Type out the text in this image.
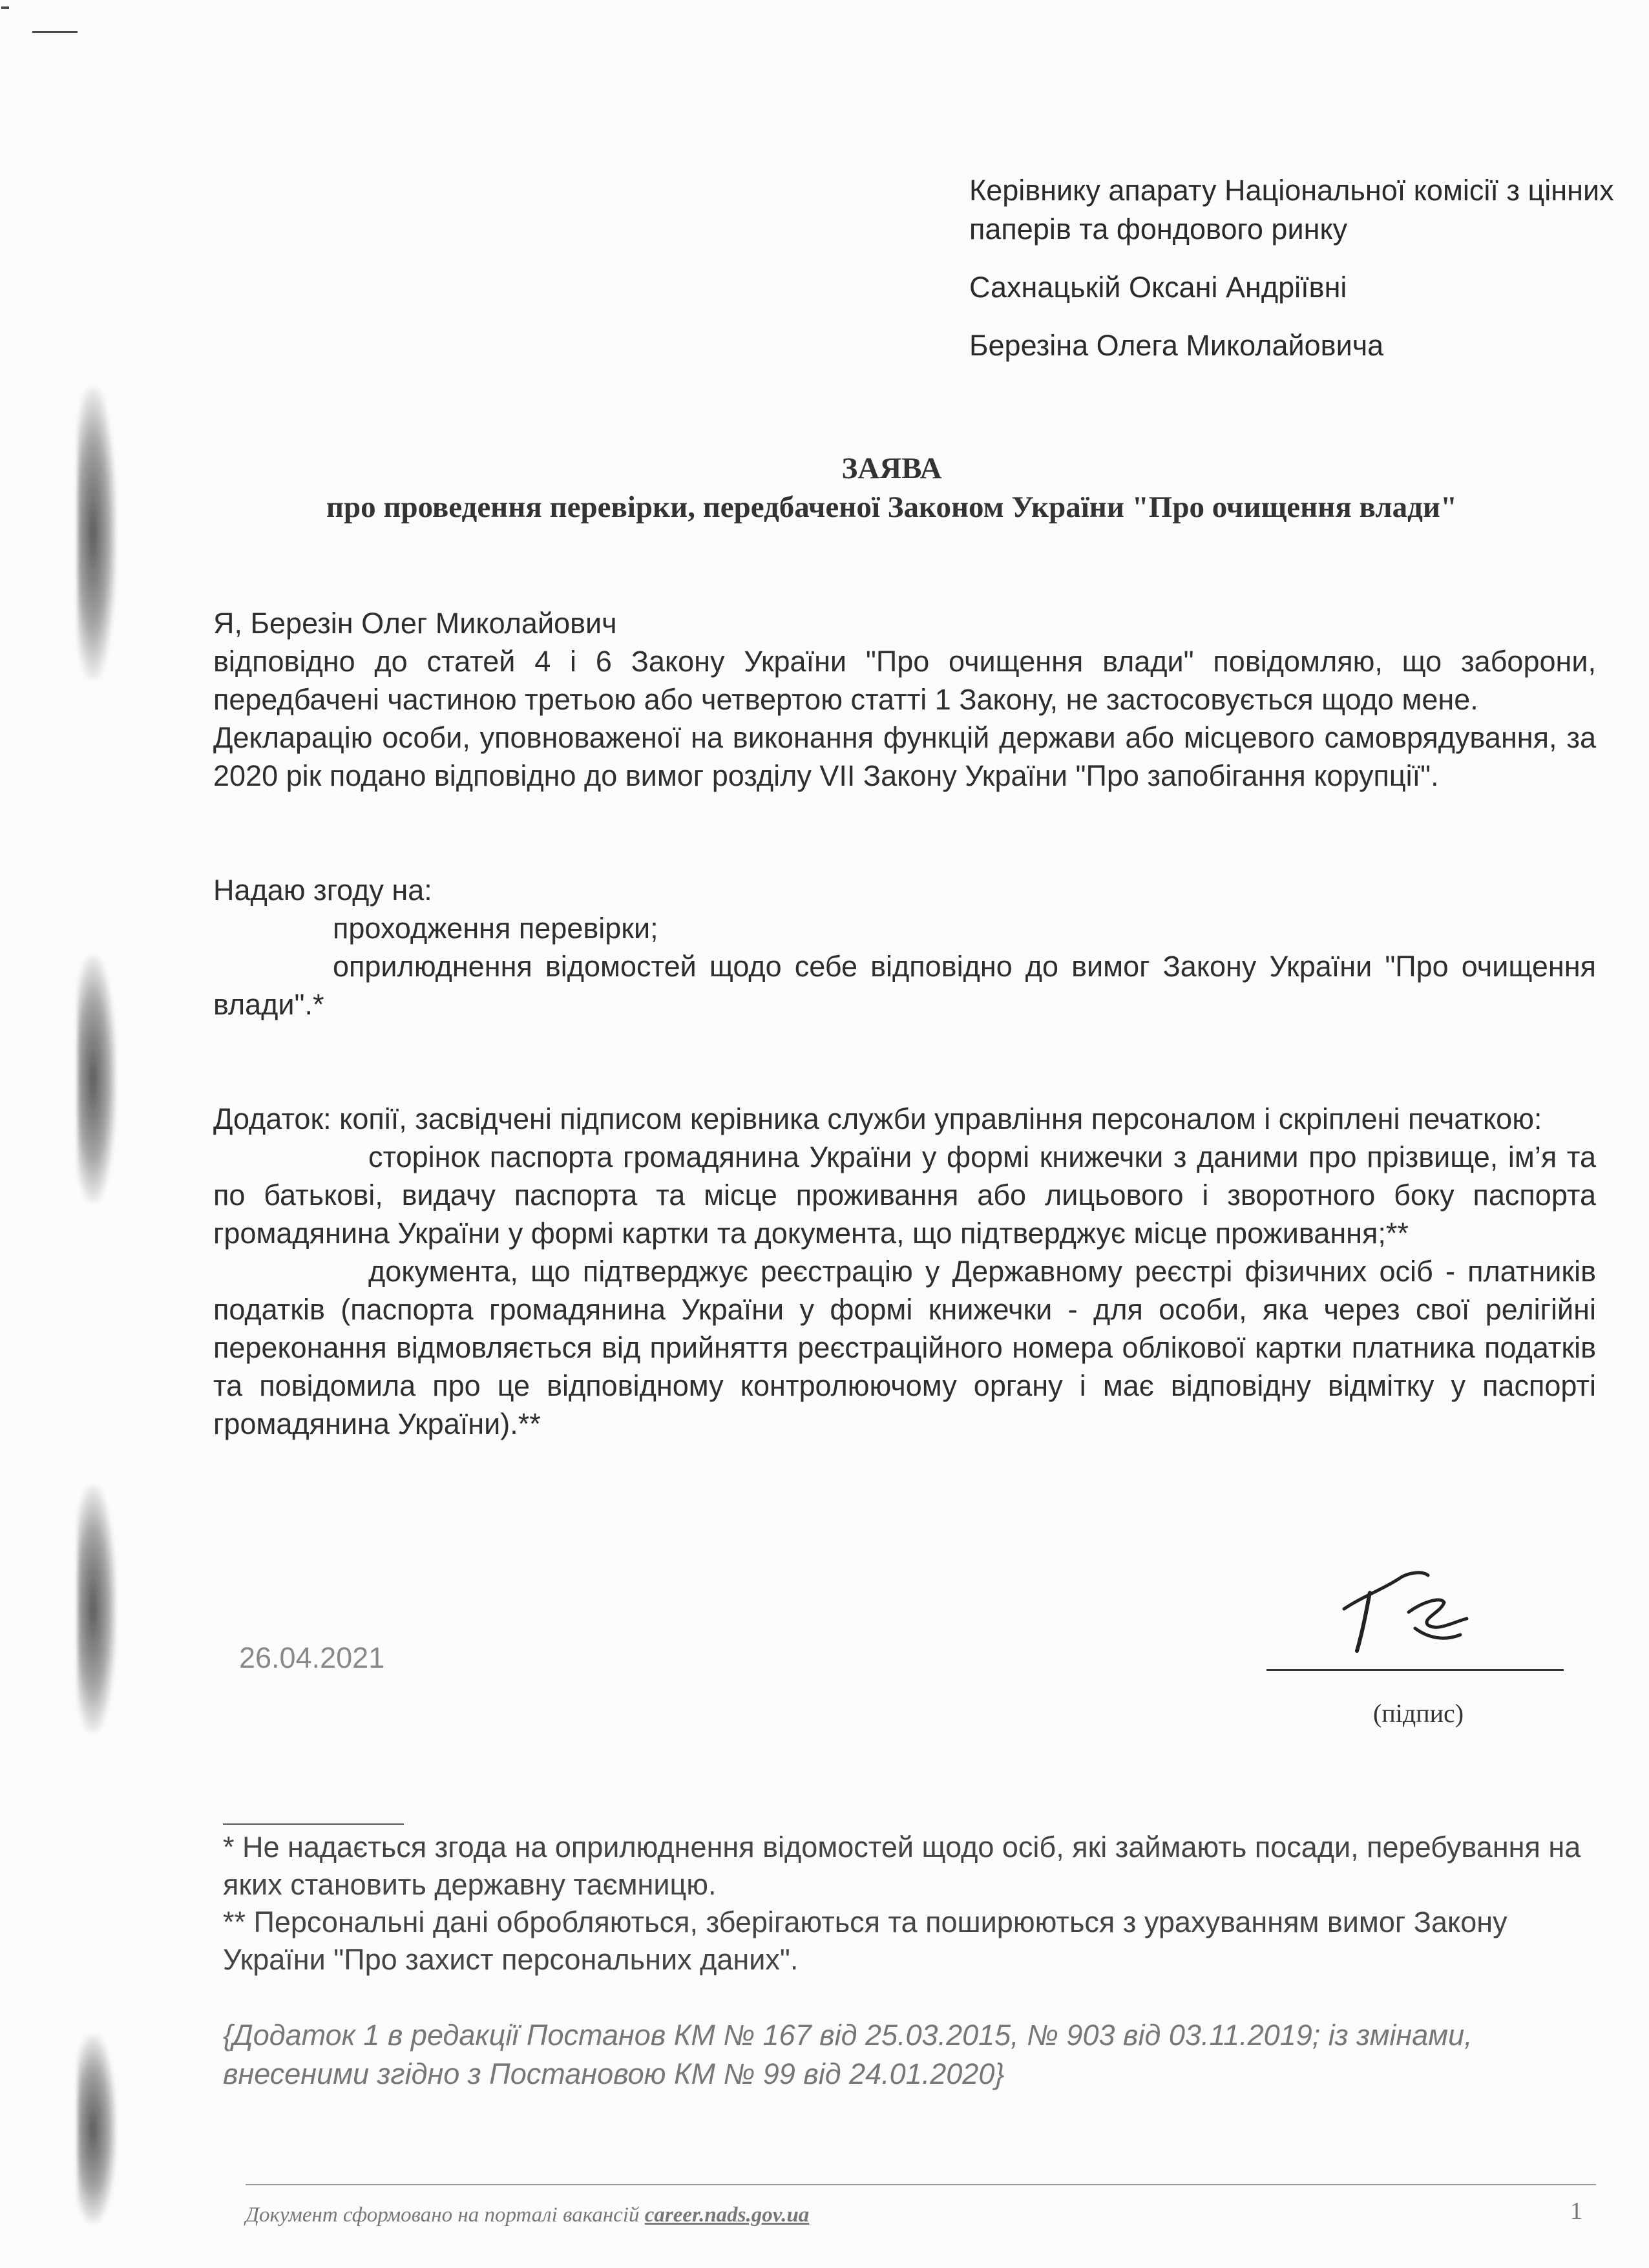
Керівнику апарату Національної комісії з цінних паперів та фондового ринку

Сахнацькій Оксані Андріївні

Березіна Олега Миколайовича

ЗАЯВА
про проведення перевірки, передбаченої Законом України "Про очищення влади"

Я, Березін Олег Миколайович

відповідно до статей 4 і 6 Закону України "Про очищення влади" повідомляю, що заборони, передбачені частиною третьою або четвертою статті 1 Закону, не застосовується щодо мене.

Декларацію особи, уповноваженої на виконання функцій держави або місцевого самоврядування, за 2020 рік подано відповідно до вимог розділу VII Закону України "Про запобігання корупції".

Надаю згоду на:

проходження перевірки;

оприлюднення відомостей щодо себе відповідно до вимог Закону України "Про очищення влади".*

Додаток: копії, засвідчені підписом керівника служби управління персоналом і скріплені печаткою:

сторінок паспорта громадянина України у формі книжечки з даними про прізвище, ім’я та по батькові, видачу паспорта та місце проживання або лицьового і зворотного боку паспорта громадянина України у формі картки та документа, що підтверджує місце проживання;**

документа, що підтверджує реєстрацію у Державному реєстрі фізичних осіб - платників податків (паспорта громадянина України у формі книжечки - для особи, яка через свої релігійні переконання відмовляється від прийняття реєстраційного номера облікової картки платника податків та повідомила про це відповідному контролюючому органу і має відповідну відмітку у паспорті громадянина України).**

26.04.2021
(підпис)

* Не надається згода на оприлюднення відомостей щодо осіб, які займають посади, перебування на яких становить державну таємницю.

** Персональні дані обробляються, зберігаються та поширюються з урахуванням вимог Закону України "Про захист персональних даних".

{Додаток 1 в редакції Постанов КМ № 167 від 25.03.2015, № 903 від 03.11.2019; із змінами, внесеними згідно з Постановою КМ № 99 від 24.01.2020}
Документ сформовано на порталі вакансій career.nads.gov.ua	1
